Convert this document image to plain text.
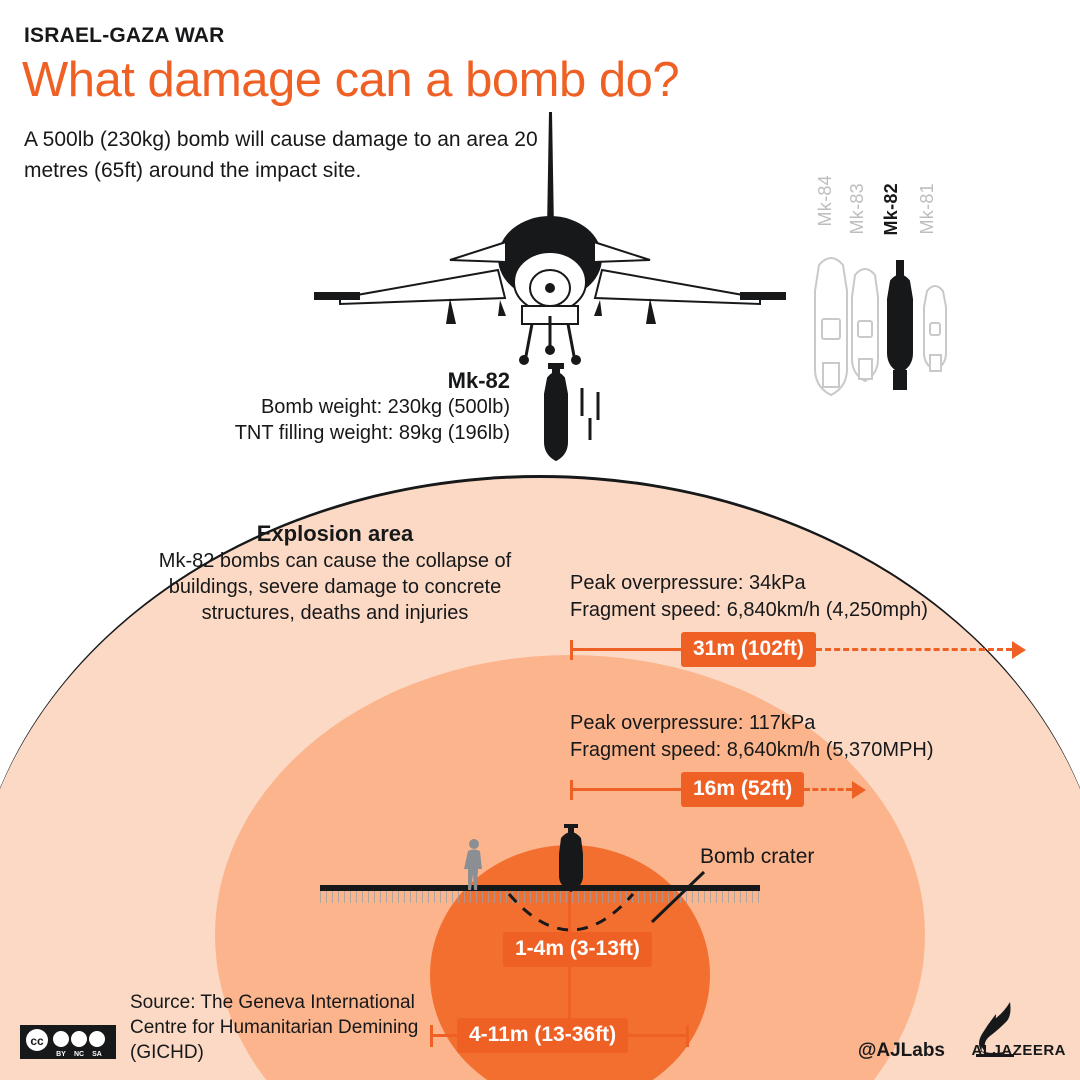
ISRAEL-GAZA WAR
What damage can a bomb do?
A 500lb (230kg) bomb will cause damage to an area 20 metres (65ft) around the impact site.
Mk-84 Mk-83 Mk-82 Mk-81
Mk-82
Bomb weight: 230kg (500lb)
TNT filling weight: 89kg (196lb)
Explosion area
Mk-82 bombs can cause the collapse of buildings, severe damage to concrete structures, deaths and injuries
Peak overpressure: 34kPa
Fragment speed: 6,840km/h (4,250mph)
31m (102ft)
Peak overpressure: 117kPa
Fragment speed: 8,640km/h (5,370MPH)
16m (52ft)
Bomb crater
1-4m (3-13ft)
4-11m (13-36ft)
Source: The Geneva International Centre for Humanitarian Demining (GICHD)
cc
BY NC SA	@AJLabs ALJAZEERA
